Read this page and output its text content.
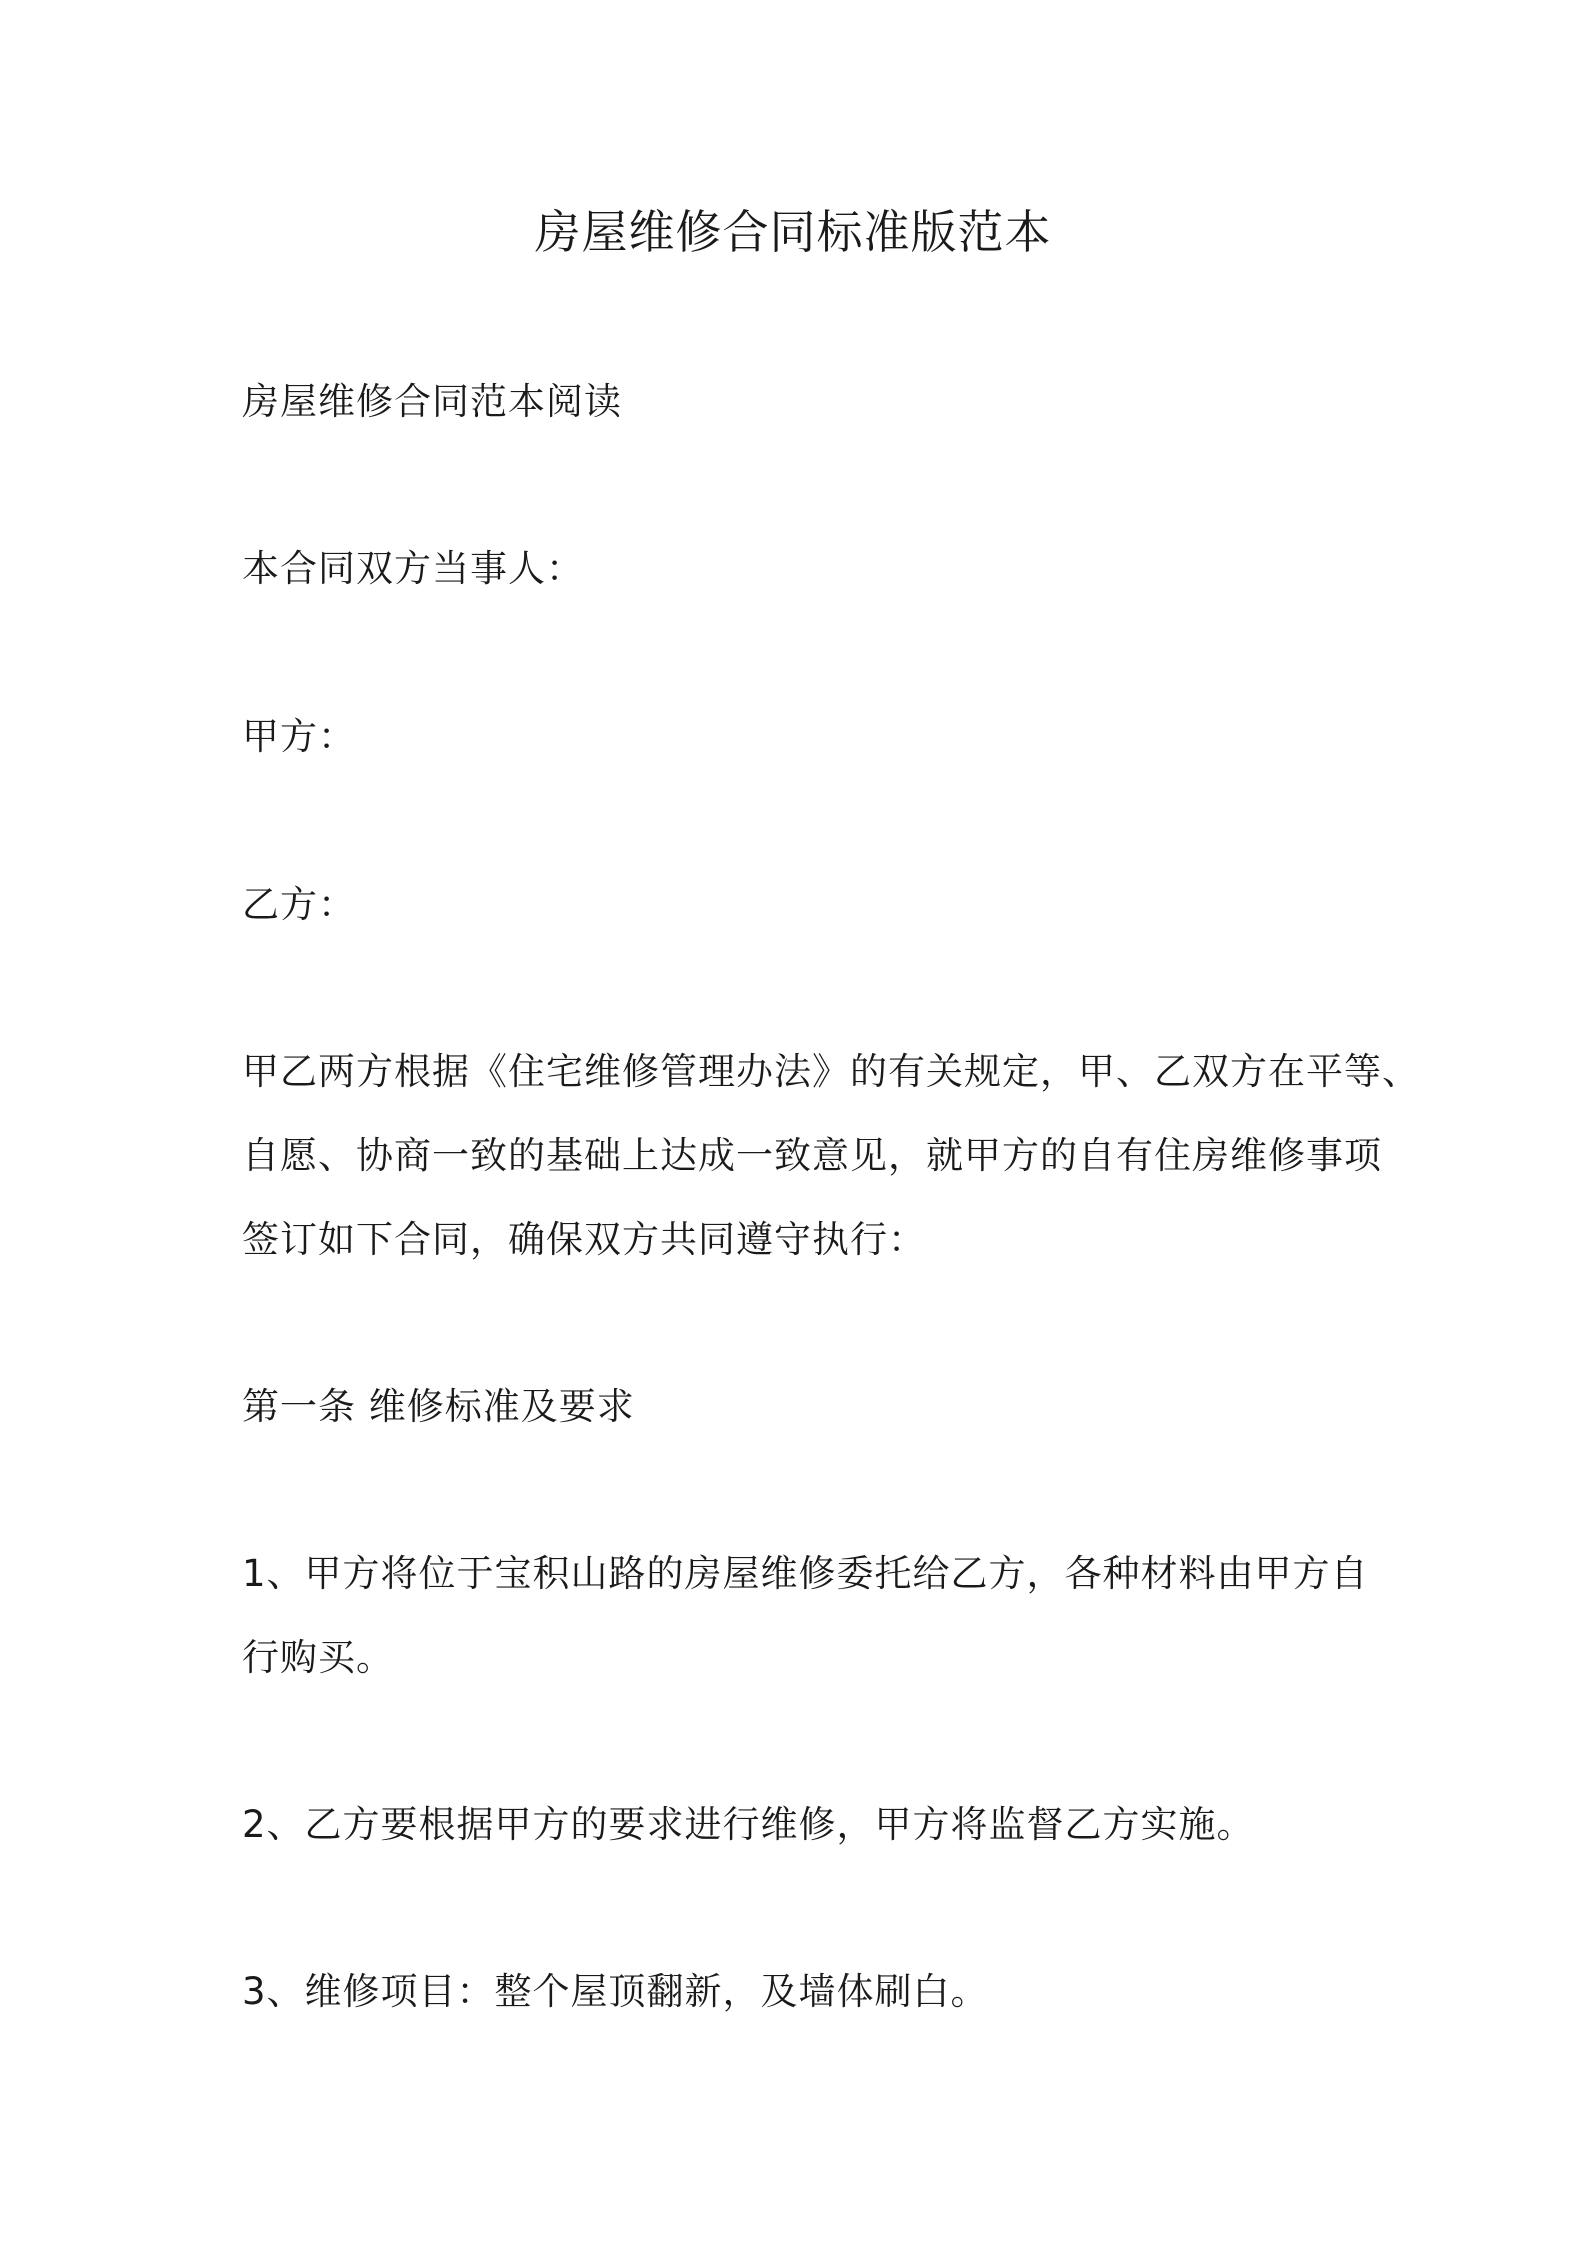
房屋维修合同标准版范本
房屋维修合同范本阅读
本合同双方当事人：
甲方：
乙方：
甲乙两方根据《住宅维修管理办法》的有关规定，甲、乙双方在平等、
自愿、协商一致的基础上达成一致意见，就甲方的自有住房维修事项
签订如下合同，确保双方共同遵守执行：
第一条 维修标准及要求
1、甲方将位于宝积山路的房屋维修委托给乙方，各种材料由甲方自
行购买。
2、乙方要根据甲方的要求进行维修，甲方将监督乙方实施。
3、维修项目：整个屋顶翻新，及墙体刷白。
